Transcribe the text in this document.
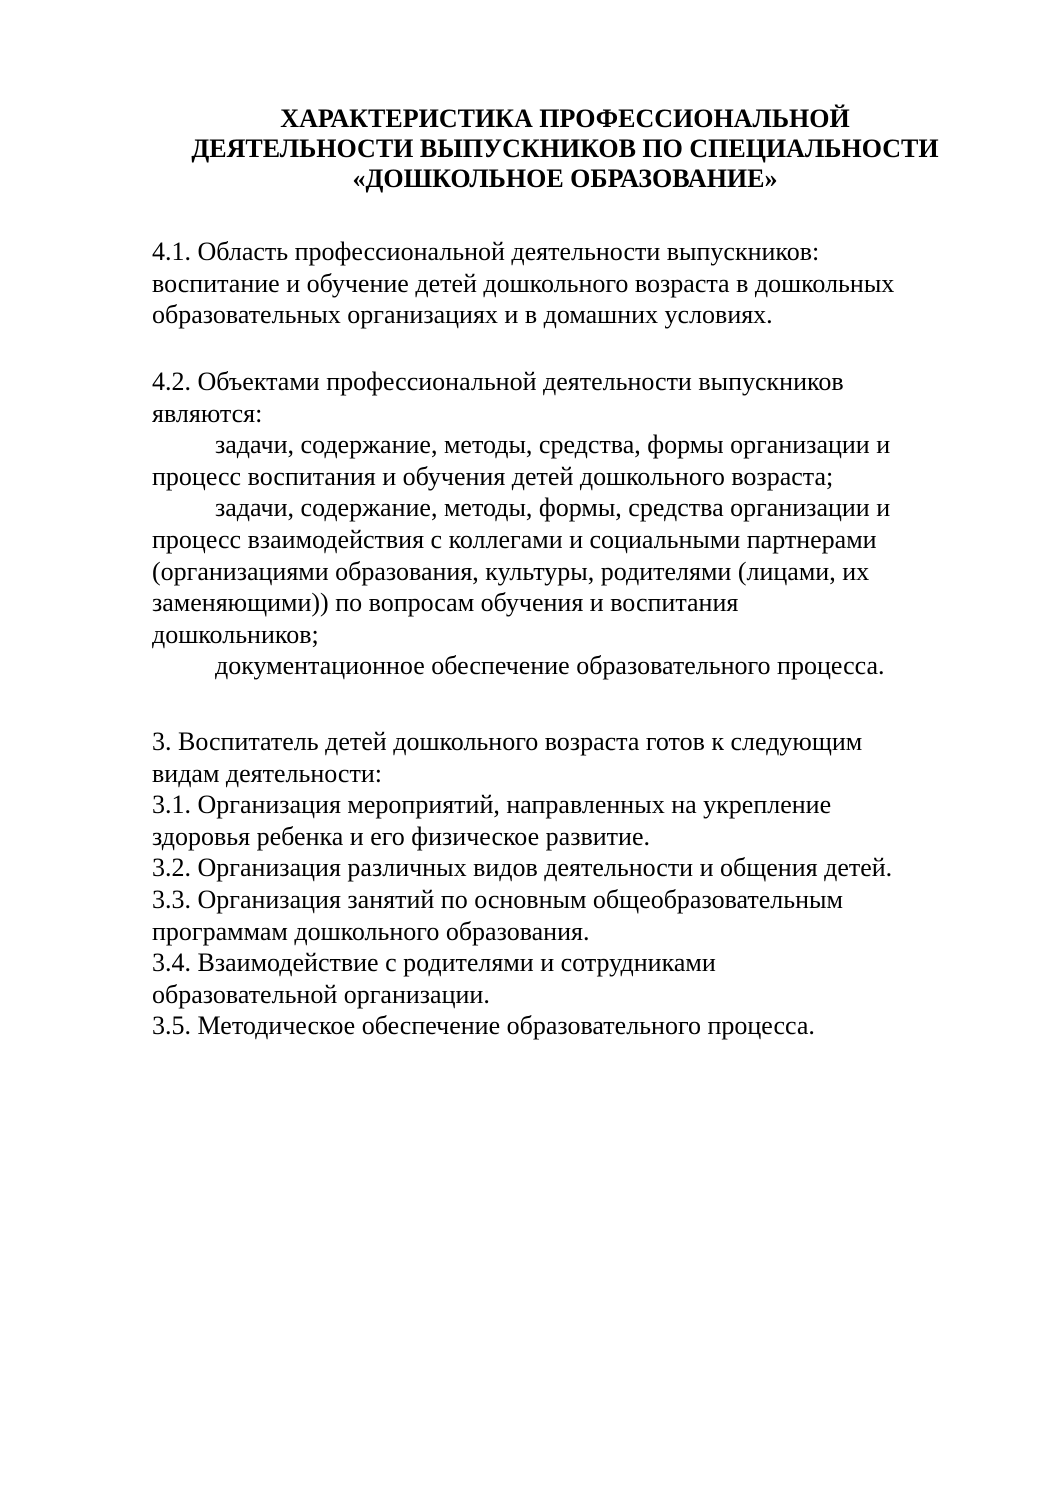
ХАРАКТЕРИСТИКА ПРОФЕССИОНАЛЬНОЙ
ДЕЯТЕЛЬНОСТИ ВЫПУСКНИКОВ ПО СПЕЦИАЛЬНОСТИ
«ДОШКОЛЬНОЕ ОБРАЗОВАНИЕ»
4.1. Область профессиональной деятельности выпускников:
воспитание и обучение детей дошкольного возраста в дошкольных
образовательных организациях и в домашних условиях.
4.2. Объектами профессиональной деятельности выпускников
являются:
задачи, содержание, методы, средства, формы организации и
процесс воспитания и обучения детей дошкольного возраста;
задачи, содержание, методы, формы, средства организации и
процесс взаимодействия с коллегами и социальными партнерами
(организациями образования, культуры, родителями (лицами, их
заменяющими)) по вопросам обучения и воспитания
дошкольников;
документационное обеспечение образовательного процесса.
3. Воспитатель детей дошкольного возраста готов к следующим
видам деятельности:
3.1. Организация мероприятий, направленных на укрепление
здоровья ребенка и его физическое развитие.
3.2. Организация различных видов деятельности и общения детей.
3.3. Организация занятий по основным общеобразовательным
программам дошкольного образования.
3.4. Взаимодействие с родителями и сотрудниками
образовательной организации.
3.5. Методическое обеспечение образовательного процесса.
